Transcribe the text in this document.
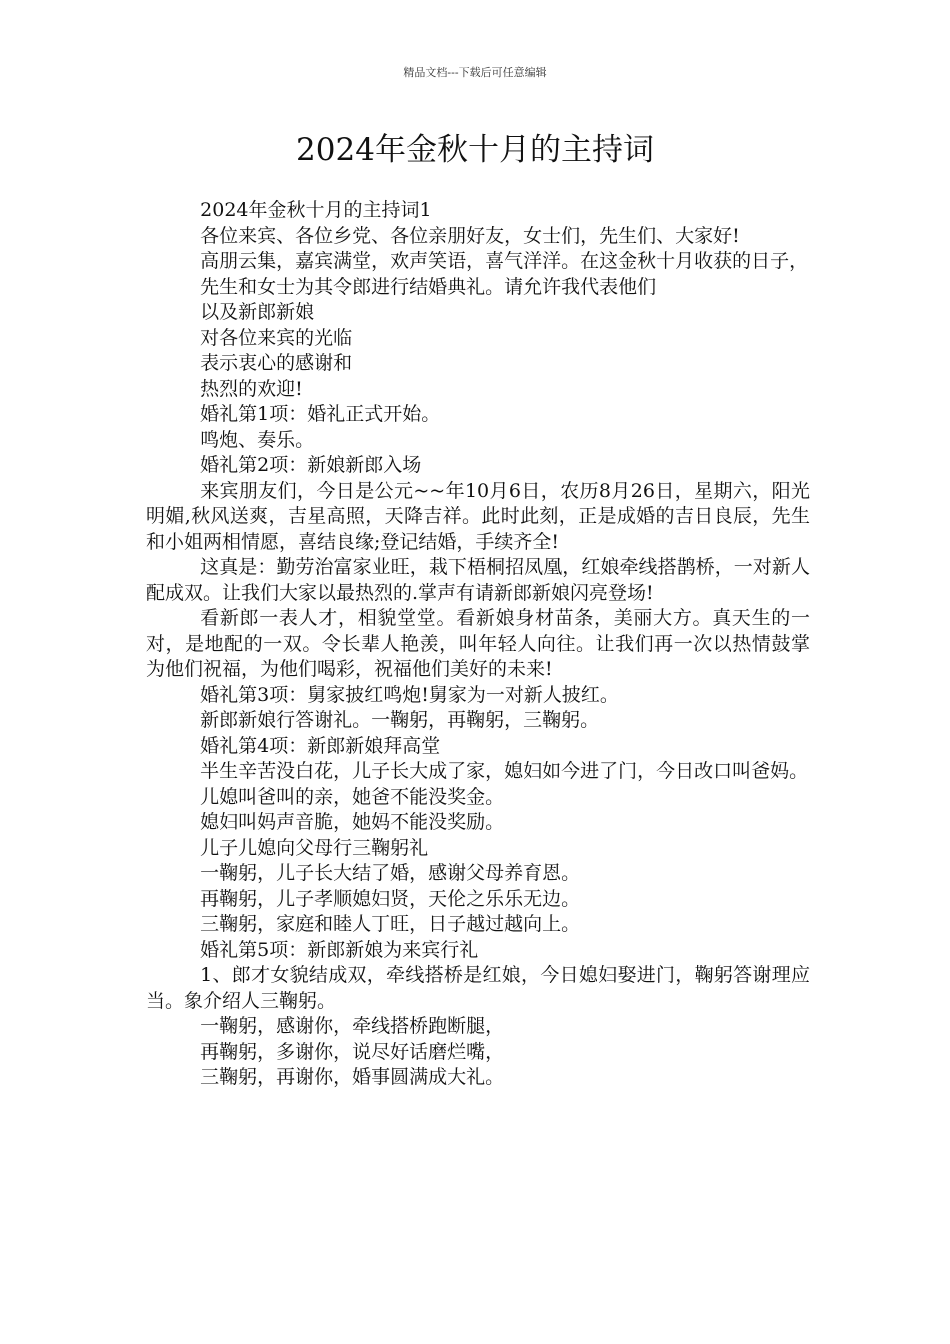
精品文档---下载后可任意编辑
2024年金秋十月的主持词

2024年金秋十月的主持词1

各位来宾、各位乡党、各位亲朋好友，女士们，先生们、大家好!

高朋云集，嘉宾满堂，欢声笑语，喜气洋洋。在这金秋十月收获的日子，

先生和女士为其令郎进行结婚典礼。请允许我代表他们

以及新郎新娘

对各位来宾的光临

表示衷心的感谢和

热烈的欢迎!

婚礼第1项：婚礼正式开始。

鸣炮、奏乐。

婚礼第2项：新娘新郎入场

来宾朋友们，今日是公元~~年10月6日，农历8月26日，星期六，阳光明媚,秋风送爽，吉星高照，天降吉祥。此时此刻，正是成婚的吉日良辰，先生和小姐两相情愿，喜结良缘;登记结婚，手续齐全!

这真是：勤劳治富家业旺，栽下梧桐招凤凰，红娘牵线搭鹊桥，一对新人配成双。让我们大家以最热烈的.掌声有请新郎新娘闪亮登场!

看新郎一表人才，相貌堂堂。看新娘身材苗条，美丽大方。真天生的一对，是地配的一双。令长辈人艳羡，叫年轻人向往。让我们再一次以热情鼓掌为他们祝福，为他们喝彩，祝福他们美好的未来!

婚礼第3项：舅家披红鸣炮!舅家为一对新人披红。

新郎新娘行答谢礼。一鞠躬，再鞠躬，三鞠躬。

婚礼第4项：新郎新娘拜高堂

半生辛苦没白花，儿子长大成了家，媳妇如今进了门，今日改口叫爸妈。

儿媳叫爸叫的亲，她爸不能没奖金。

媳妇叫妈声音脆，她妈不能没奖励。

儿子儿媳向父母行三鞠躬礼

一鞠躬，儿子长大结了婚，感谢父母养育恩。

再鞠躬，儿子孝顺媳妇贤，天伦之乐乐无边。

三鞠躬，家庭和睦人丁旺，日子越过越向上。

婚礼第5项：新郎新娘为来宾行礼

1、郎才女貌结成双，牵线搭桥是红娘，今日媳妇娶进门，鞠躬答谢理应当。象介绍人三鞠躬。

一鞠躬，感谢你，牵线搭桥跑断腿，

再鞠躬，多谢你，说尽好话磨烂嘴，

三鞠躬，再谢你，婚事圆满成大礼。
